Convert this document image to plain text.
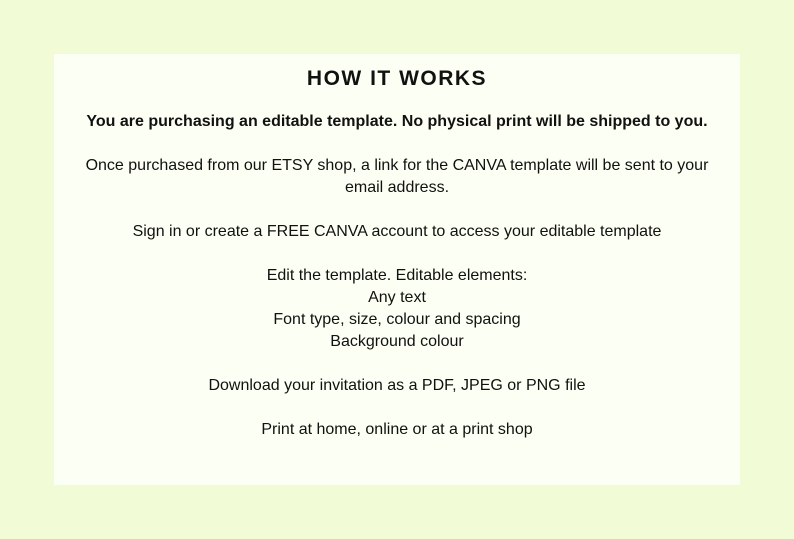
HOW IT WORKS

You are purchasing an editable template. No physical print will be shipped to you.

Once purchased from our ETSY shop, a link for the CANVA template will be sent to your email address.

Sign in or create a FREE CANVA account to access your editable template

Edit the template. Editable elements:
Any text
Font type, size, colour and spacing
Background colour

Download your invitation as a PDF, JPEG or PNG file

Print at home, online or at a print shop
